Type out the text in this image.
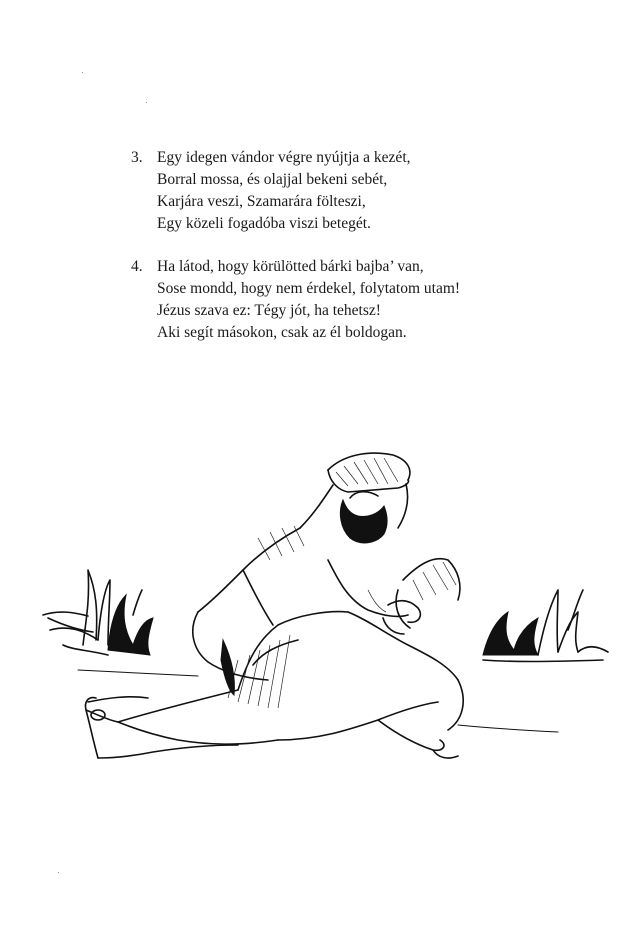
3. Egy idegen vándor végre nyújtja a kezét,
Borral mossa, és olajjal bekeni sebét,
Karjára veszi, Szamarára fölteszi,
Egy közeli fogadóba viszi betegét.
4. Ha látod, hogy körülötted bárki bajba’ van,
Sose mondd, hogy nem érdekel, folytatom utam!
Jézus szava ez: Tégy jót, ha tehetsz!
Aki segít másokon, csak az él boldogan.
